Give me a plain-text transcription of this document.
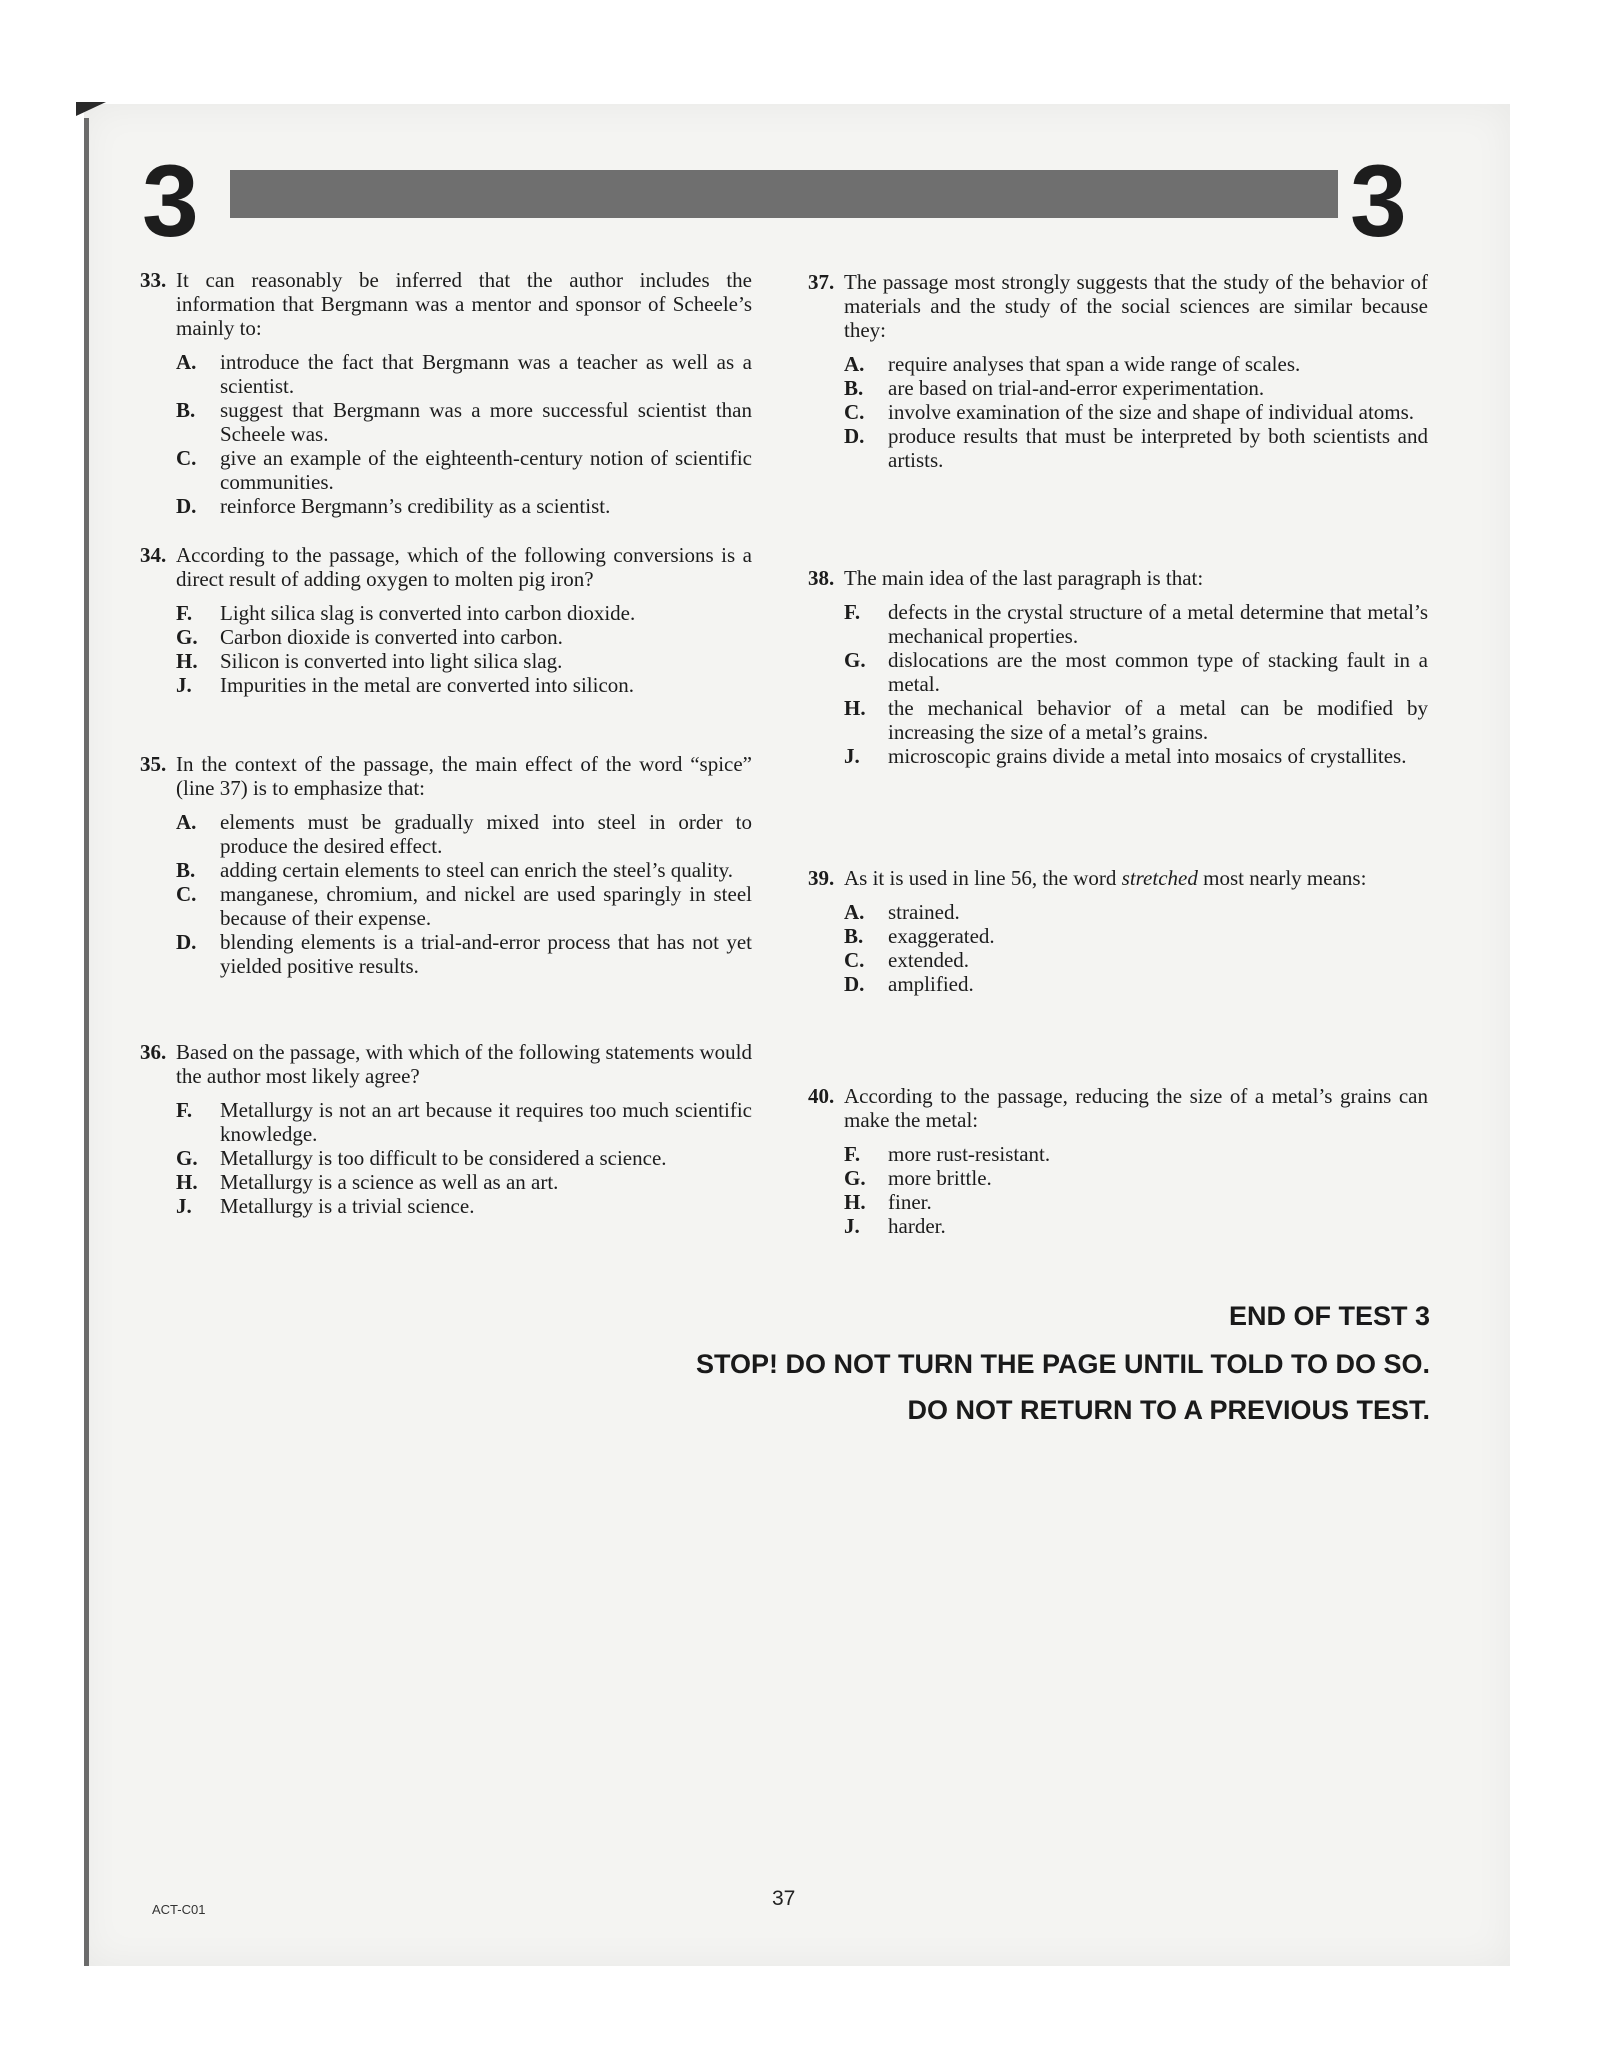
3	3
33. It can reasonably be inferred that the author includes the information that Bergmann was a mentor and sponsor of Scheele’s mainly to:
A.	introduce the fact that Bergmann was a teacher as well as a scientist.
B.	suggest that Bergmann was a more successful scientist than Scheele was.
C.	give an example of the eighteenth-century notion of scientific communities.
D.	reinforce Bergmann’s credibility as a scientist.
34. According to the passage, which of the following conversions is a direct result of adding oxygen to molten pig iron?
F.	Light silica slag is converted into carbon dioxide.
G.	Carbon dioxide is converted into carbon.
H.	Silicon is converted into light silica slag.
J.	Impurities in the metal are converted into silicon.
35. In the context of the passage, the main effect of the word “spice” (line 37) is to emphasize that:
A.	elements must be gradually mixed into steel in order to produce the desired effect.
B.	adding certain elements to steel can enrich the steel’s quality.
C.	manganese, chromium, and nickel are used sparingly in steel because of their expense.
D.	blending elements is a trial-and-error process that has not yet yielded positive results.
36. Based on the passage, with which of the following statements would the author most likely agree?
F.	Metallurgy is not an art because it requires too much scientific knowledge.
G.	Metallurgy is too difficult to be considered a science.
H.	Metallurgy is a science as well as an art.
J.	Metallurgy is a trivial science.
37. The passage most strongly suggests that the study of the behavior of materials and the study of the social sciences are similar because they:
A.	require analyses that span a wide range of scales.
B.	are based on trial-and-error experimentation.
C.	involve examination of the size and shape of individual atoms.
D.	produce results that must be interpreted by both scientists and artists.
38. The main idea of the last paragraph is that:
F.	defects in the crystal structure of a metal determine that metal’s mechanical properties.
G.	dislocations are the most common type of stacking fault in a metal.
H.	the mechanical behavior of a metal can be modified by increasing the size of a metal’s grains.
J.	microscopic grains divide a metal into mosaics of crystallites.
39. As it is used in line 56, the word stretched most nearly means:
A.	strained.
B.	exaggerated.
C.	extended.
D.	amplified.
40. According to the passage, reducing the size of a metal’s grains can make the metal:
F.	more rust-resistant.
G.	more brittle.
H.	finer.
J.	harder.
END OF TEST 3
STOP! DO NOT TURN THE PAGE UNTIL TOLD TO DO SO.
DO NOT RETURN TO A PREVIOUS TEST.
ACT-C01	37
